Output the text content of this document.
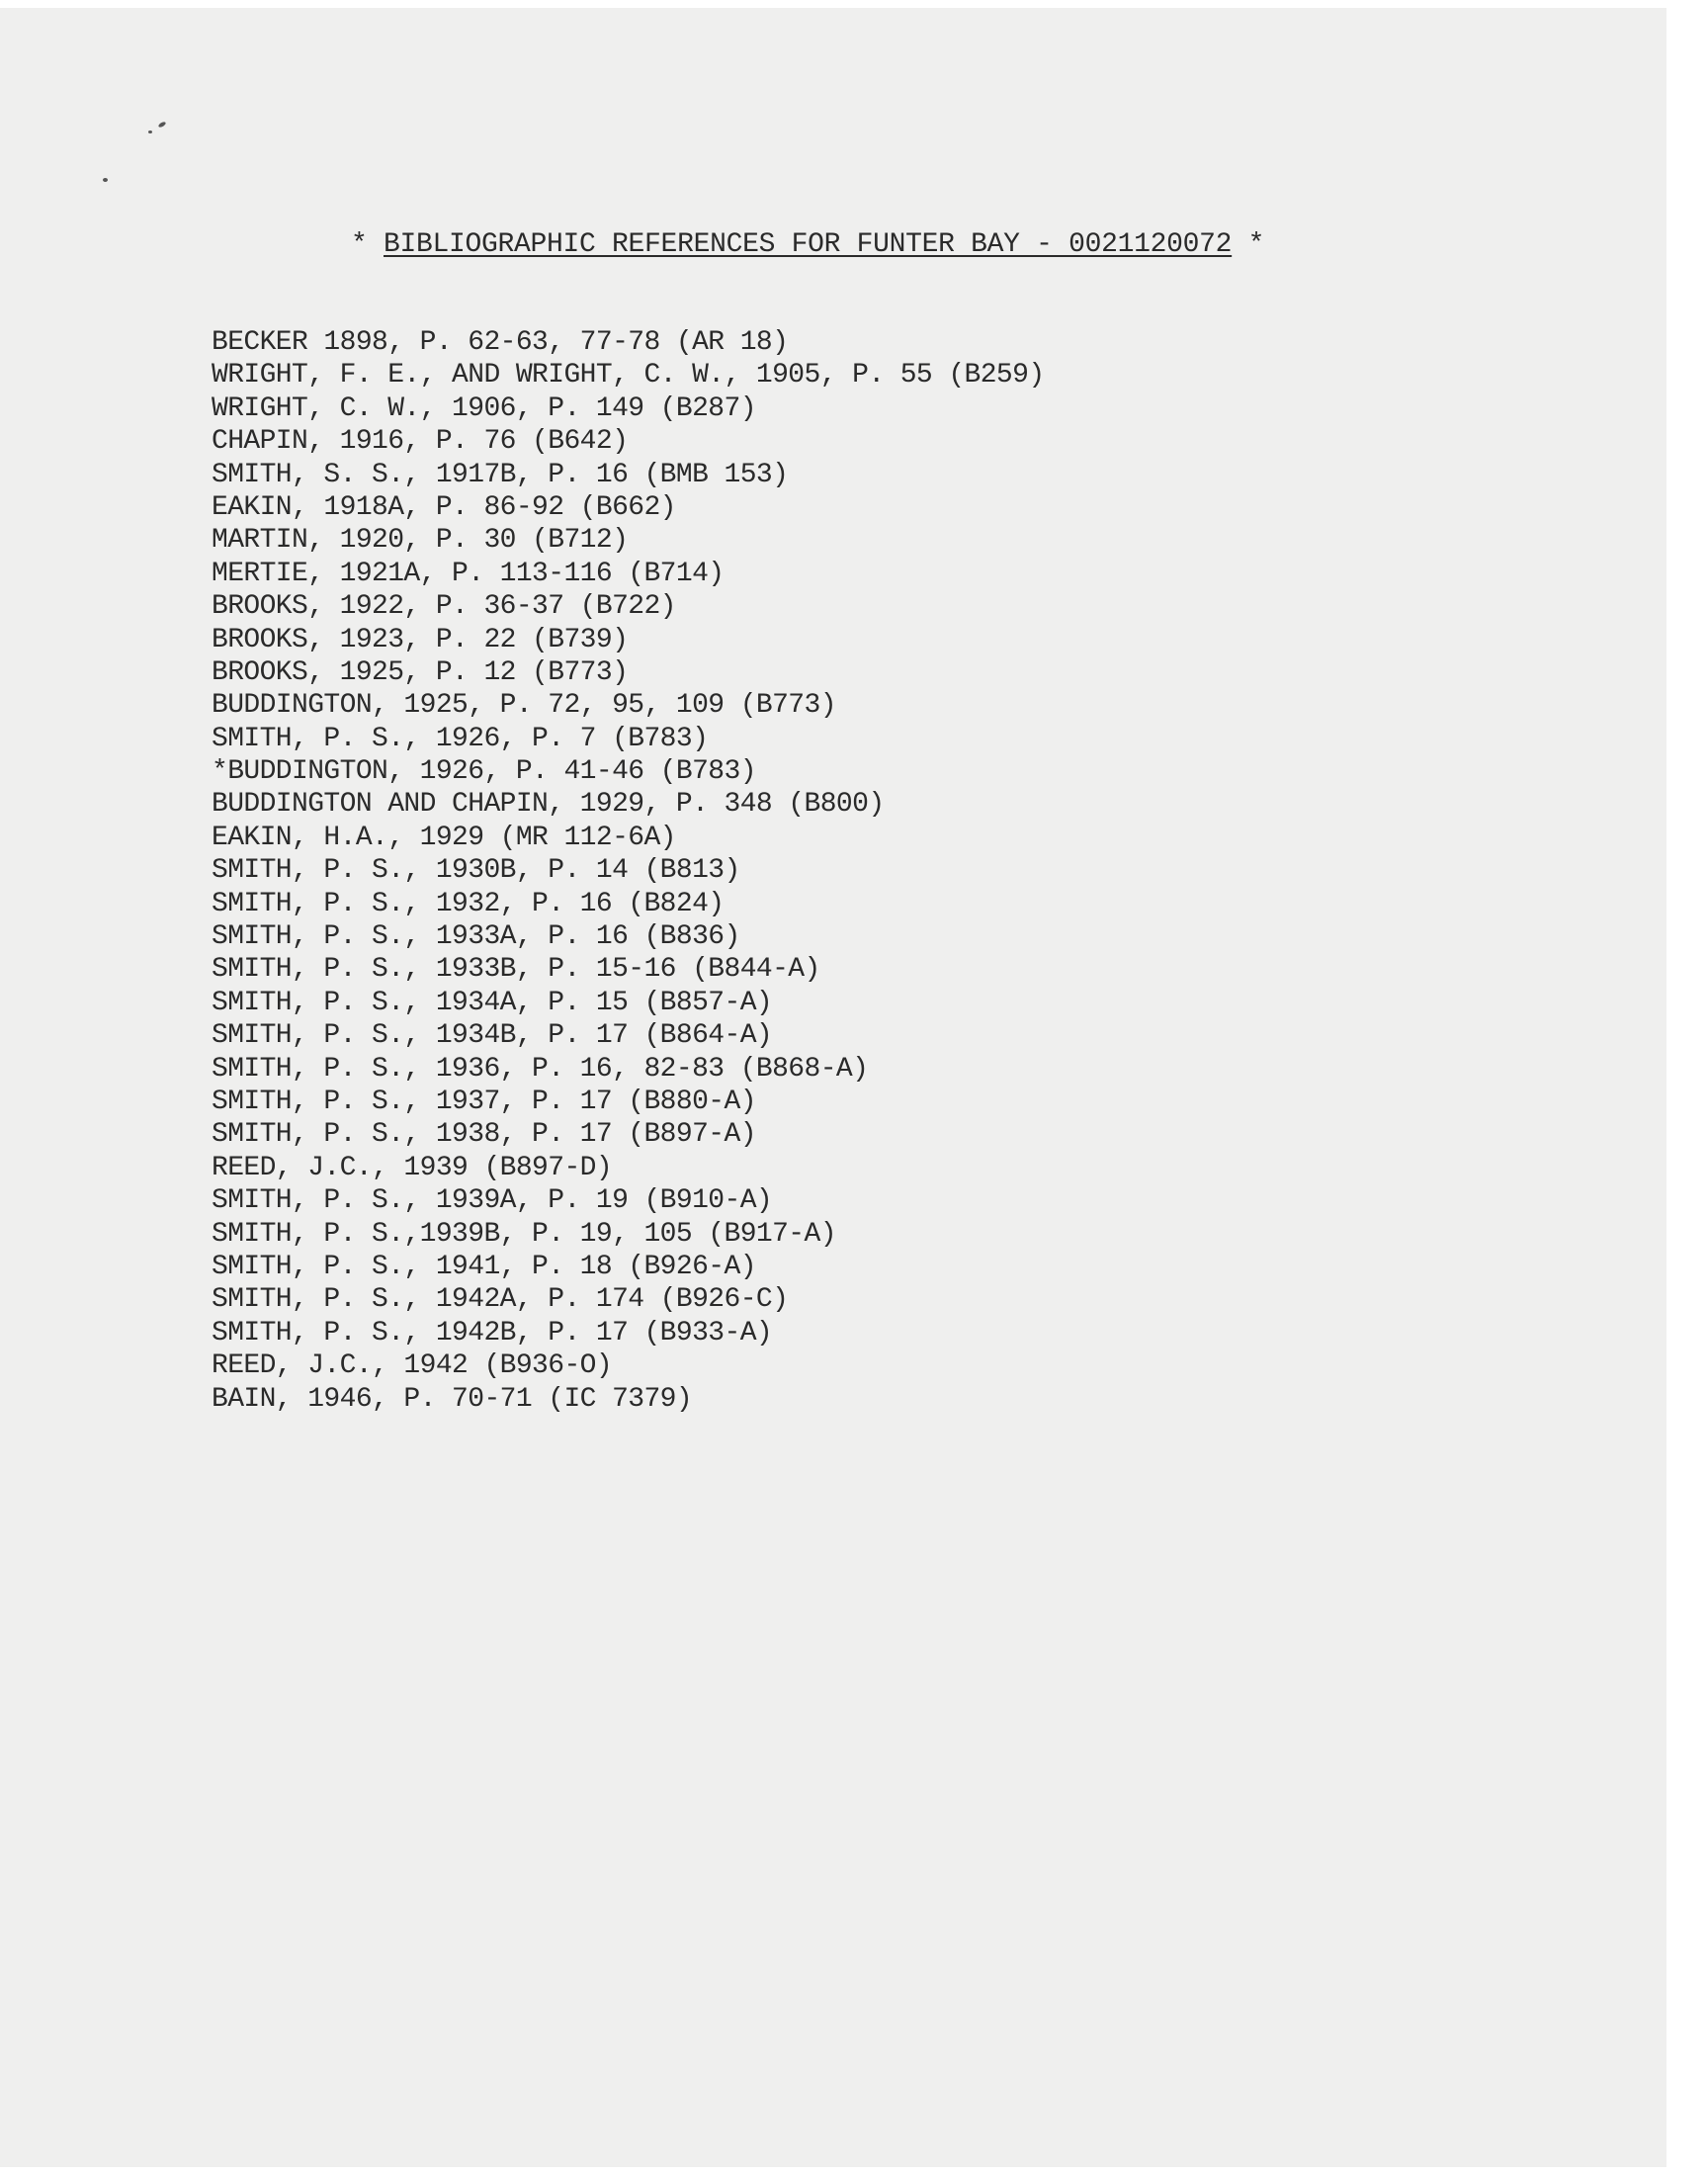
* BIBLIOGRAPHIC REFERENCES FOR FUNTER BAY - 0021120072 *
BECKER 1898, P. 62-63, 77-78 (AR 18)
WRIGHT, F. E., AND WRIGHT, C. W., 1905, P. 55 (B259)
WRIGHT, C. W., 1906, P. 149 (B287)
CHAPIN, 1916, P. 76 (B642)
SMITH, S. S., 1917B, P. 16 (BMB 153)
EAKIN, 1918A, P. 86-92 (B662)
MARTIN, 1920, P. 30 (B712)
MERTIE, 1921A, P. 113-116 (B714)
BROOKS, 1922, P. 36-37 (B722)
BROOKS, 1923, P. 22 (B739)
BROOKS, 1925, P. 12 (B773)
BUDDINGTON, 1925, P. 72, 95, 109 (B773)
SMITH, P. S., 1926, P. 7 (B783)
*BUDDINGTON, 1926, P. 41-46 (B783)
BUDDINGTON AND CHAPIN, 1929, P. 348 (B800)
EAKIN, H.A., 1929 (MR 112-6A)
SMITH, P. S., 1930B, P. 14 (B813)
SMITH, P. S., 1932, P. 16 (B824)
SMITH, P. S., 1933A, P. 16 (B836)
SMITH, P. S., 1933B, P. 15-16 (B844-A)
SMITH, P. S., 1934A, P. 15 (B857-A)
SMITH, P. S., 1934B, P. 17 (B864-A)
SMITH, P. S., 1936, P. 16, 82-83 (B868-A)
SMITH, P. S., 1937, P. 17 (B880-A)
SMITH, P. S., 1938, P. 17 (B897-A)
REED, J.C., 1939 (B897-D)
SMITH, P. S., 1939A, P. 19 (B910-A)
SMITH, P. S.,1939B, P. 19, 105 (B917-A)
SMITH, P. S., 1941, P. 18 (B926-A)
SMITH, P. S., 1942A, P. 174 (B926-C)
SMITH, P. S., 1942B, P. 17 (B933-A)
REED, J.C., 1942 (B936-O)
BAIN, 1946, P. 70-71 (IC 7379)
